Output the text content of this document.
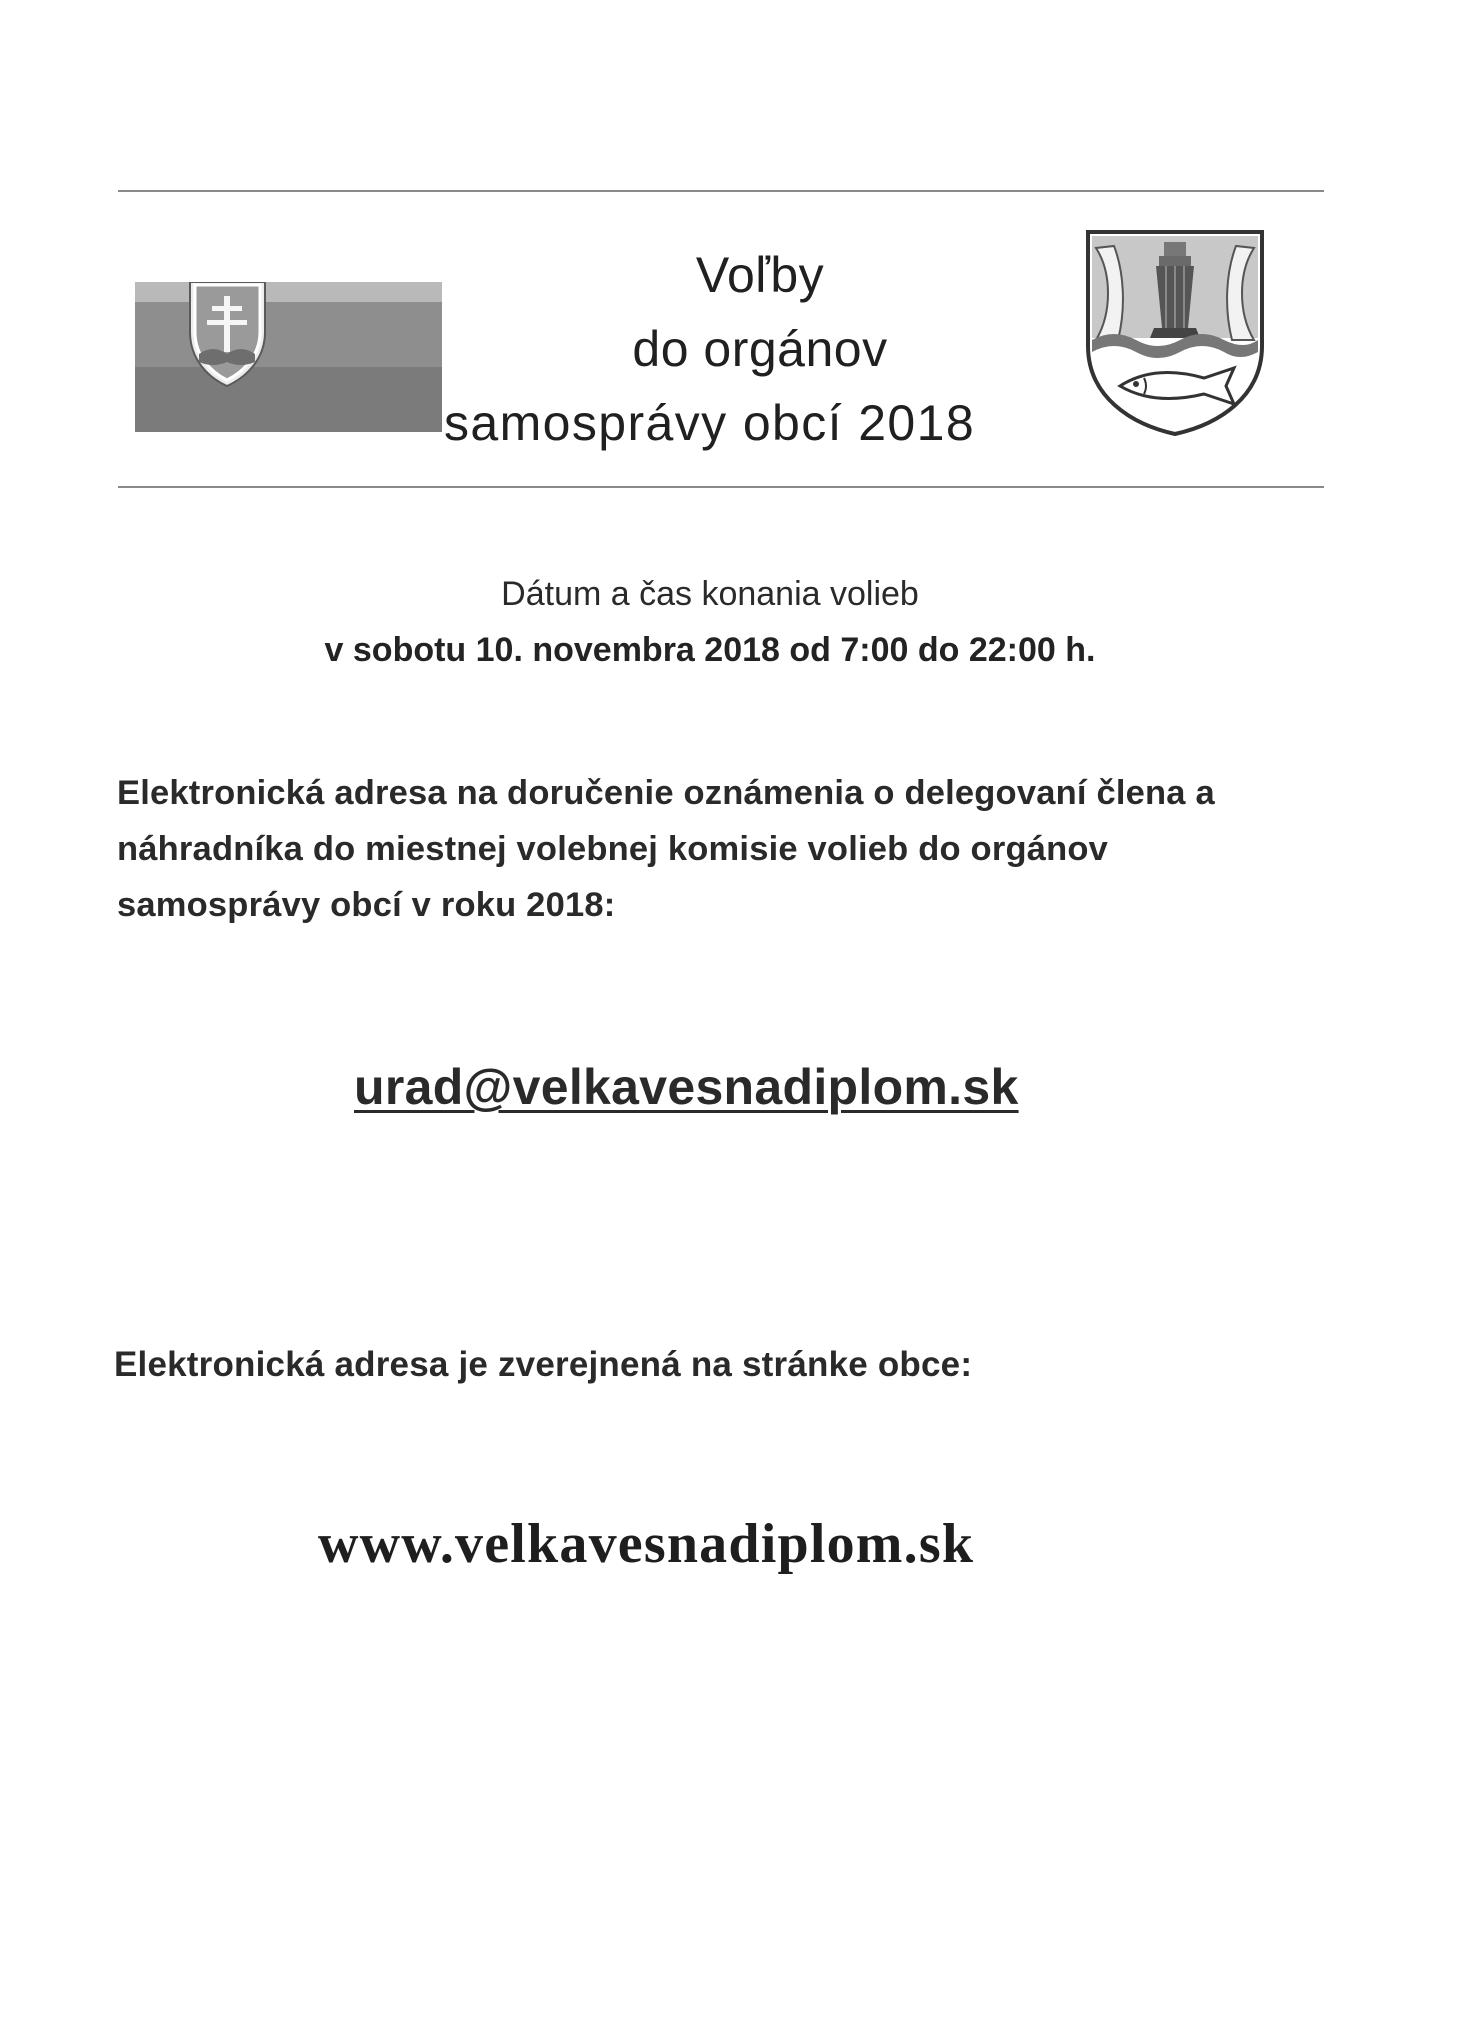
Voľby
do orgánov
samosprávy obcí 2018
Dátum a čas konania volieb
v sobotu 10. novembra 2018 od 7:00 do 22:00 h.
Elektronická adresa na doručenie oznámenia o delegovaní člena a náhradníka do miestnej volebnej komisie volieb do orgánov samosprávy obcí v roku 2018:
urad@velkavesnadiplom.sk
Elektronická adresa je zverejnená na stránke obce:
www.velkavesnadiplom.sk
